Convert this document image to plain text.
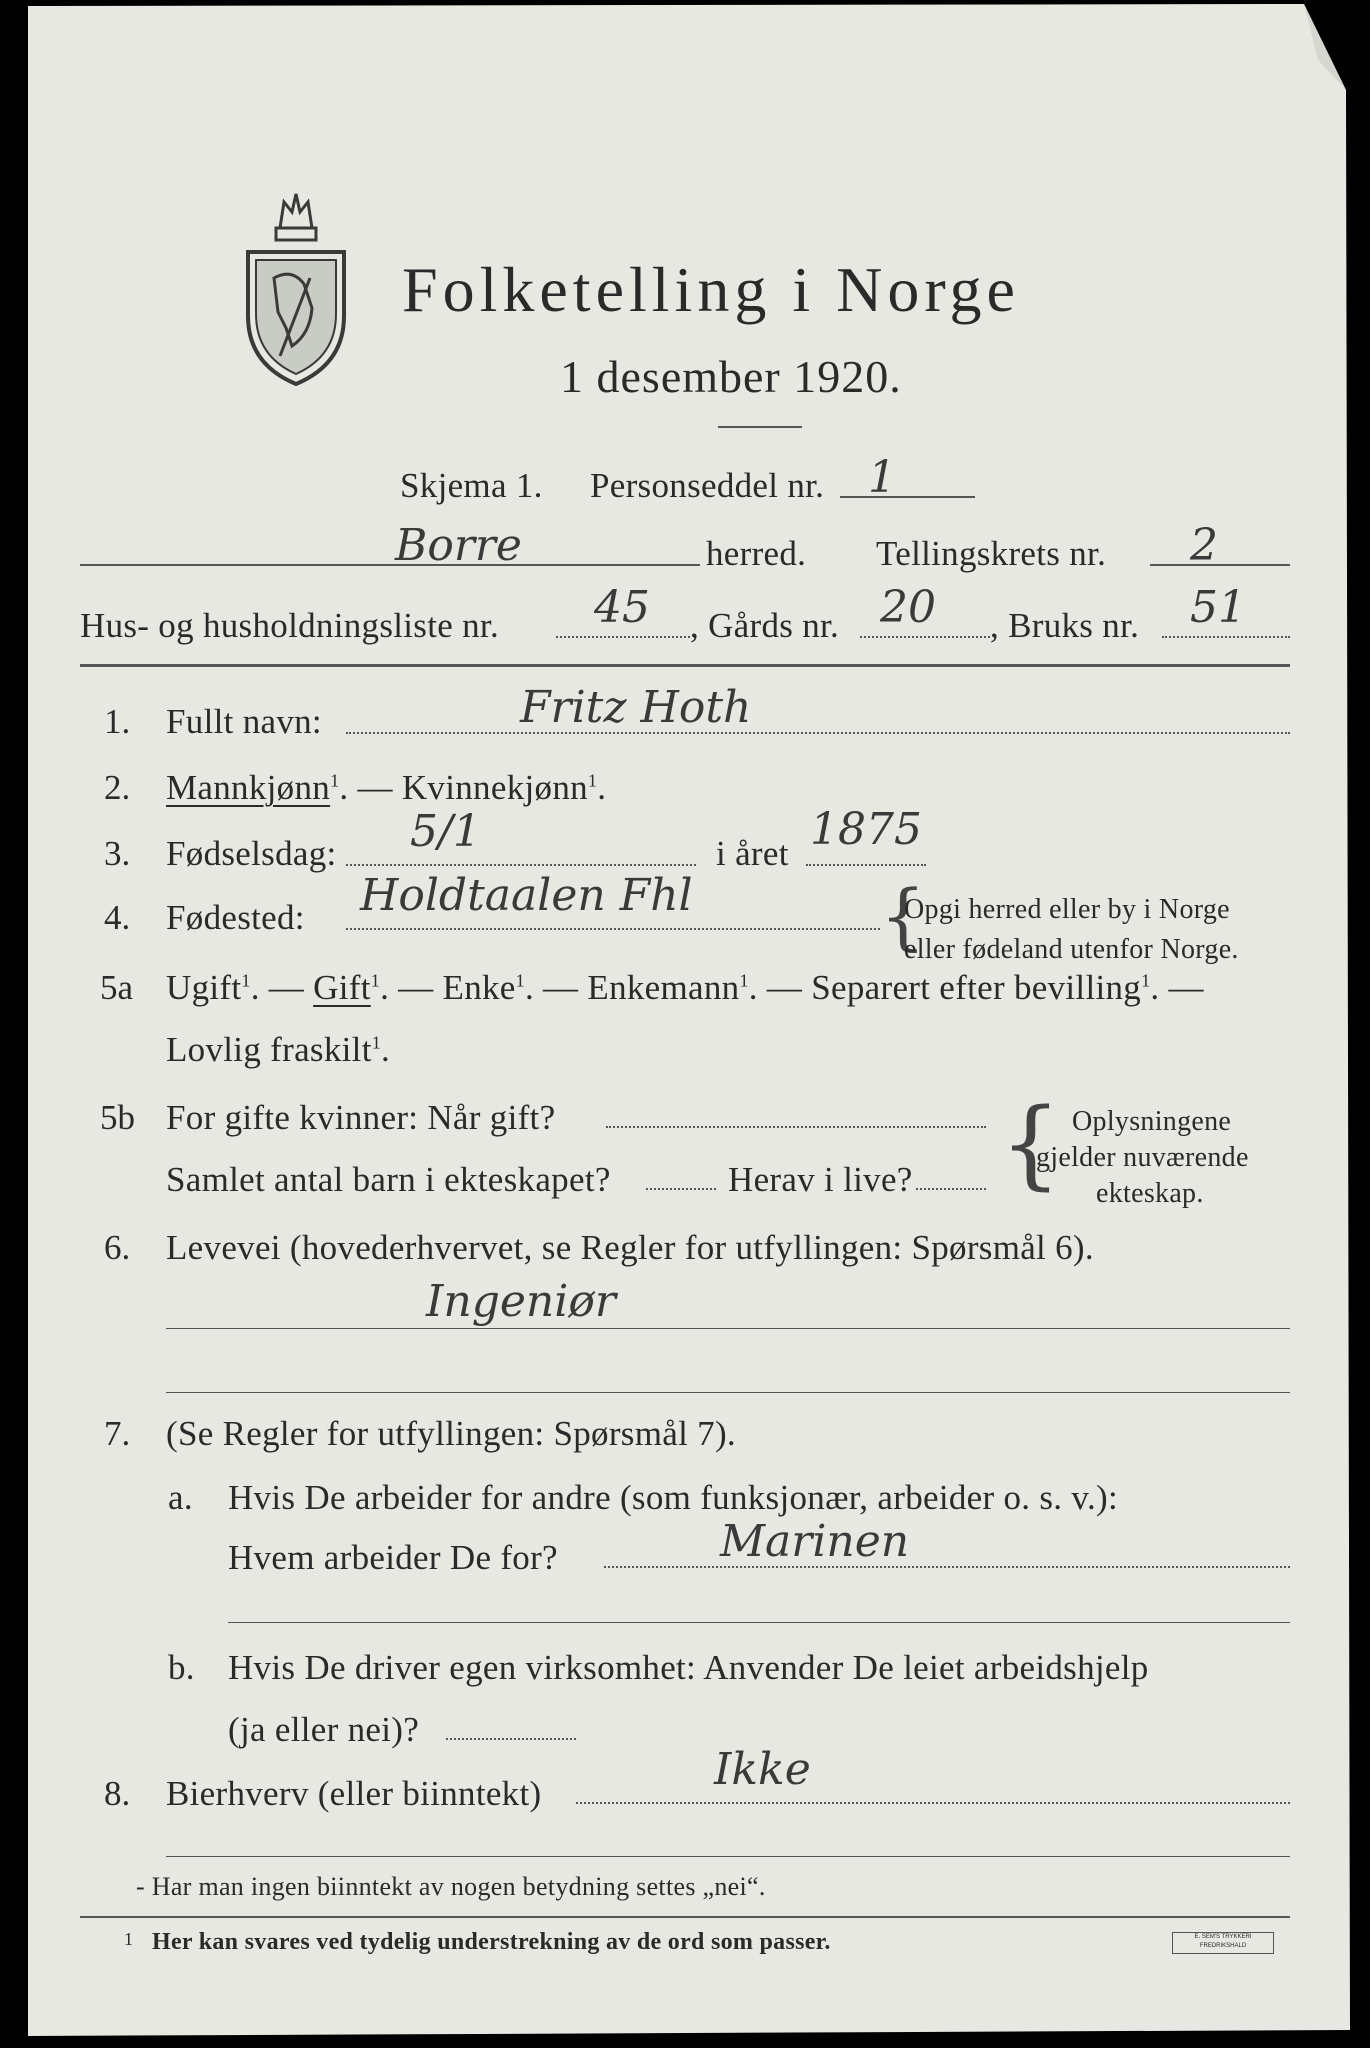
Folketelling i Norge
1 desember 1920.
Skjema 1. Personseddel nr. 1
Borre	herred. Tellingskrets nr. 2
Hus- og husholdningsliste nr. 45 , Gårds nr. 20 , Bruks nr. 51
1. Fullt navn:	Fritz Hoth
2. Mannkjønn$^1$. — Kvinnekjønn$^1$.
3. Fødselsdag: 5/1	i året 1875
4. Fødested: Holdtaalen Fhl	{
Opgi herred eller by i Norge
eller fødeland utenfor Norge.
5a Ugift$^1$. — Gift$^1$. — Enke$^1$. — Enkemann$^1$. — Separert efter bevilling$^1$. —
Lovlig fraskilt$^1$.
5b For gifte kvinner: Når gift?
Samlet antal barn i ekteskapet?	Herav i live? { Oplysningene
gjelder nuværende
ekteskap.
6. Levevei (hovederhvervet, se Regler for utfyllingen: Spørsmål 6).
Ingeniør
7. (Se Regler for utfyllingen: Spørsmål 7).
a. Hvis De arbeider for andre (som funksjonær, arbeider o. s. v.):
Hvem arbeider De for?	Marinen
b. Hvis De driver egen virksomhet: Anvender De leiet arbeidshjelp
(ja eller nei)?
8. Bierhverv (eller biinntekt)	Ikke
- Har man ingen biinntekt av nogen betydning settes „nei“.
1 Her kan svares ved tydelig understrekning av de ord som passer.	E. SEM'S TRYKKERI FREDRIKSHALD
